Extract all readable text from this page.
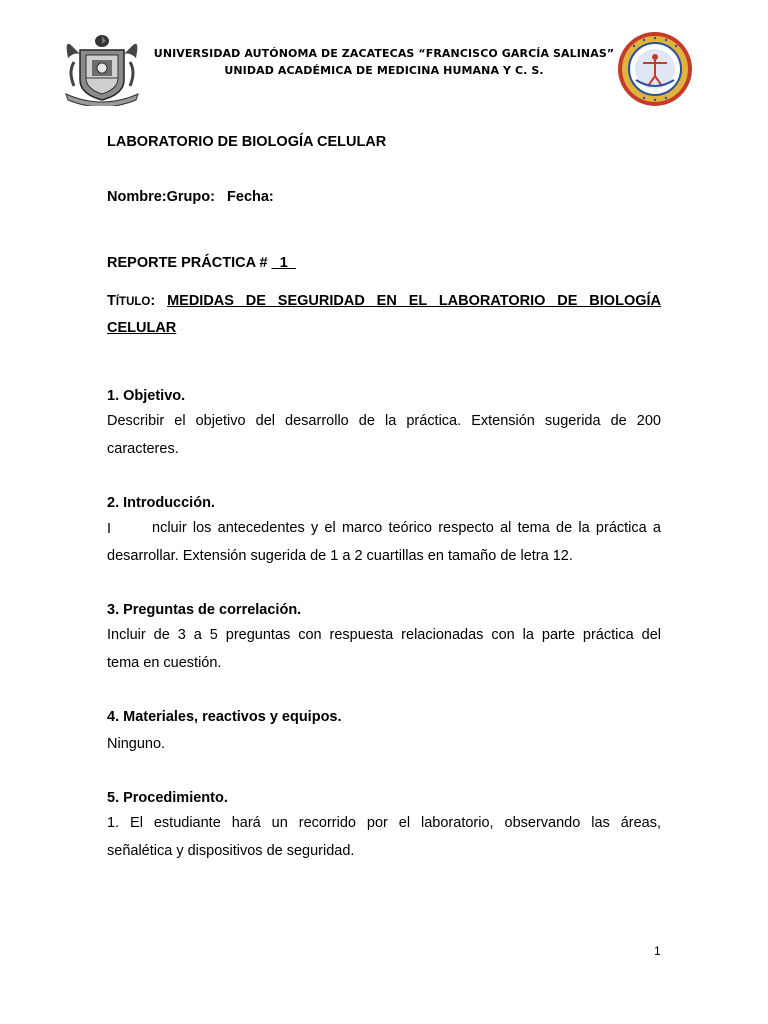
UNIVERSIDAD AUTÓNOMA DE ZACATECAS “FRANCISCO GARCÍA SALINAS”
UNIDAD ACADÉMICA DE MEDICINA HUMANA Y C. S.
LABORATORIO DE BIOLOGÍA CELULAR
Nombre:Grupo:   Fecha:
REPORTE PRÁCTICA # _1_
TÍTULO: MEDIDAS DE SEGURIDAD EN EL LABORATORIO DE BIOLOGÍA
CELULAR
1. Objetivo.
Describir el objetivo del desarrollo de la práctica. Extensión sugerida de 200
caracteres.
2. Introducción.
I	ncluir los antecedentes y el marco teórico respecto al tema de la práctica a
desarrollar. Extensión sugerida de 1 a 2 cuartillas en tamaño de letra 12.
3. Preguntas de correlación.
Incluir de 3 a 5 preguntas con respuesta relacionadas con la parte práctica del
tema en cuestión.
4. Materiales, reactivos y equipos.
Ninguno.
5. Procedimiento.
1. El estudiante hará un recorrido por el laboratorio, observando las áreas,
señalética y dispositivos de seguridad.
1
